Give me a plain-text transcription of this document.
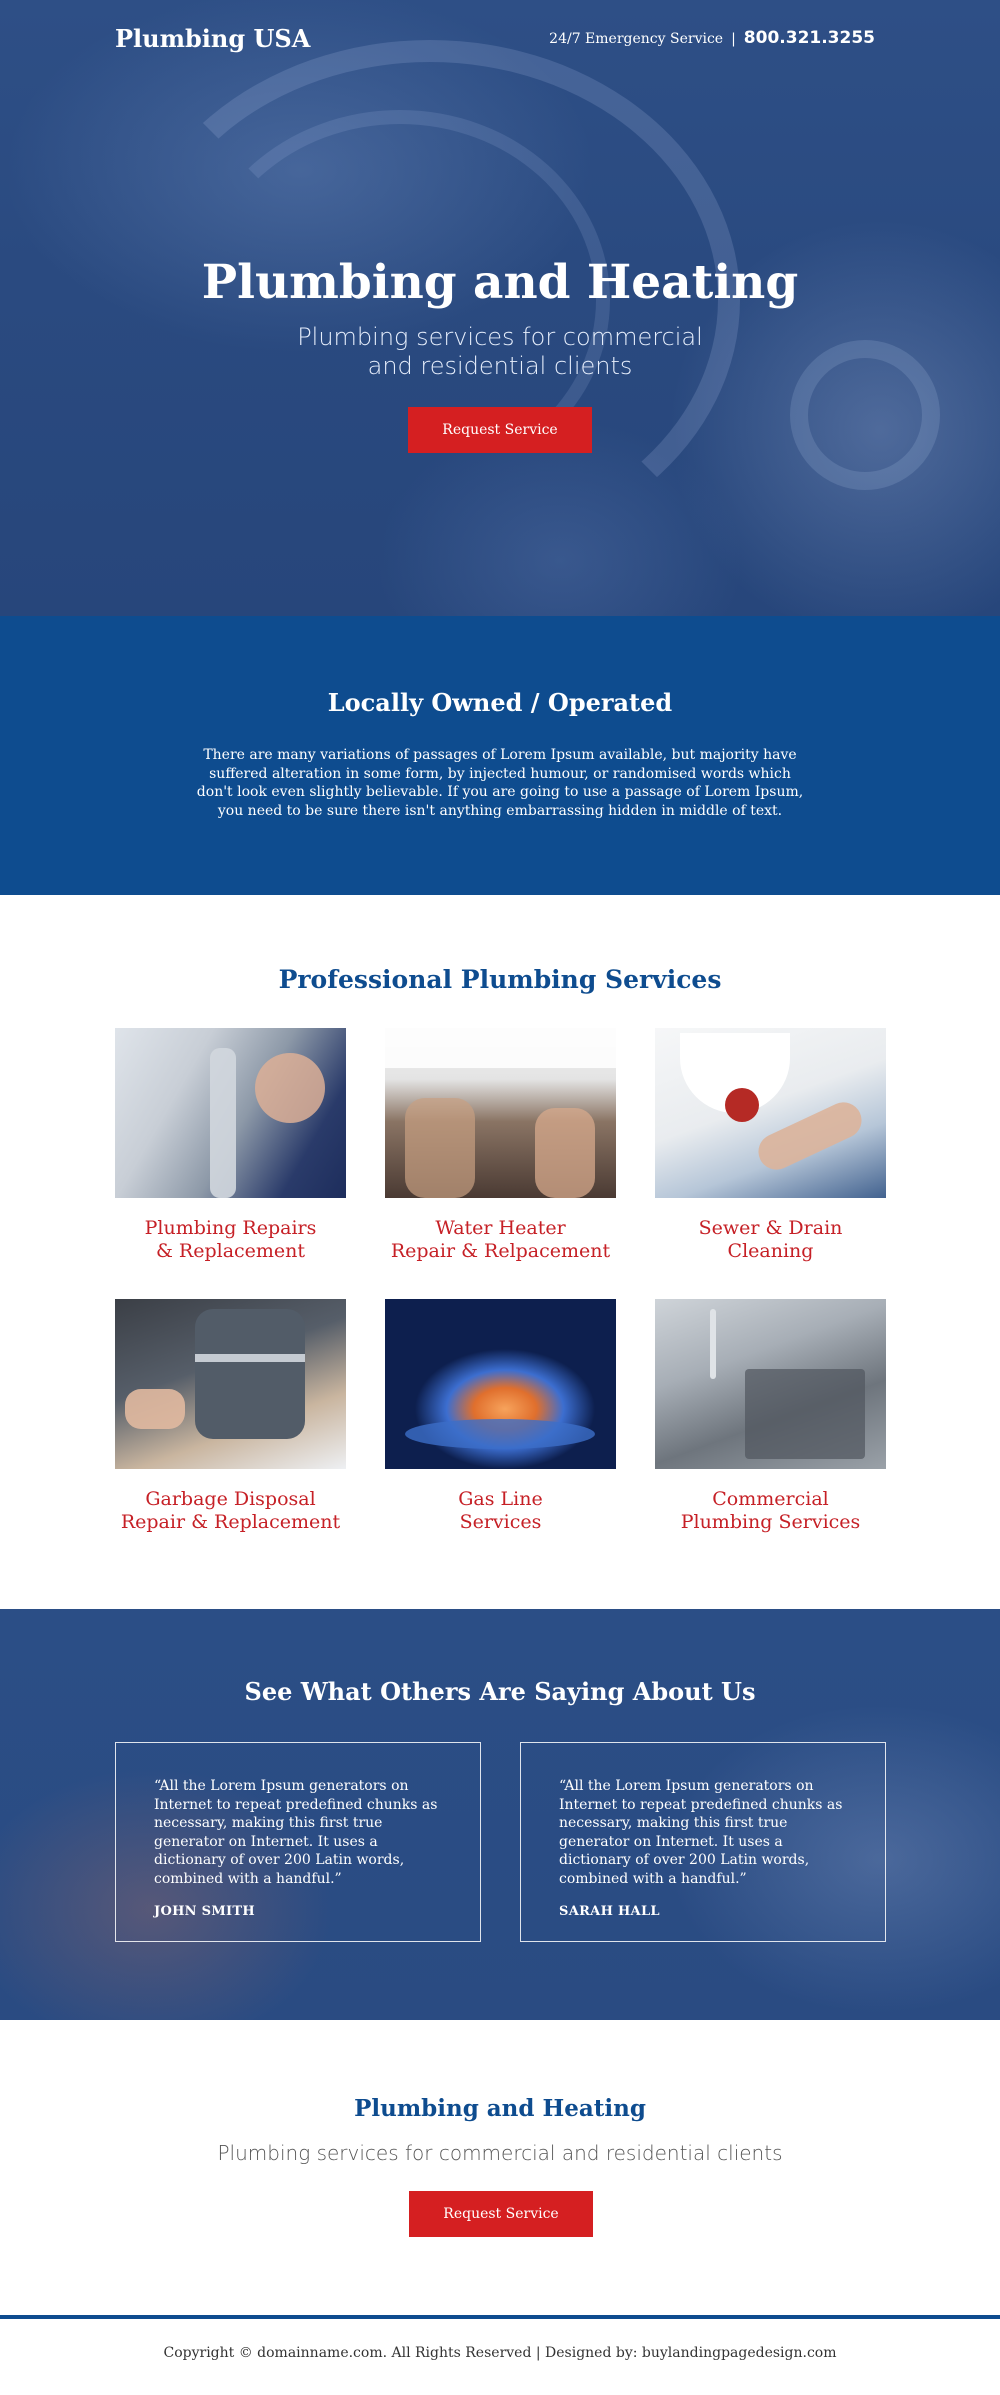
Plumbing USA	24/7 Emergency Service | 800.321.3255
Plumbing and Heating
Plumbing services for commercial
and residential clients
Request Service
Locally Owned / Operated

There are many variations of passages of Lorem Ipsum available, but majority have suffered alteration in some form, by injected humour, or randomised words which don't look even slightly believable. If you are going to use a passage of Lorem Ipsum, you need to be sure there isn't anything embarrassing hidden in middle of text.

Professional Plumbing Services
Plumbing Repairs
& Replacement
Water Heater
Repair & Relpacement
Sewer & Drain
Cleaning
Garbage Disposal
Repair & Replacement
Gas Line
Services
Commercial
Plumbing Services
See What Others Are Saying About Us

“All the Lorem Ipsum generators on Internet to repeat predefined chunks as necessary, making this first true generator on Internet. It uses a dictionary of over 200 Latin words, combined with a handful.”

JOHN SMITH

“All the Lorem Ipsum generators on Internet to repeat predefined chunks as necessary, making this first true generator on Internet. It uses a dictionary of over 200 Latin words, combined with a handful.”

SARAH HALL
Plumbing and Heating
Plumbing services for commercial and residential clients
Request Service

Copyright © domainname.com. All Rights Reserved | Designed by: buylandingpagedesign.com
